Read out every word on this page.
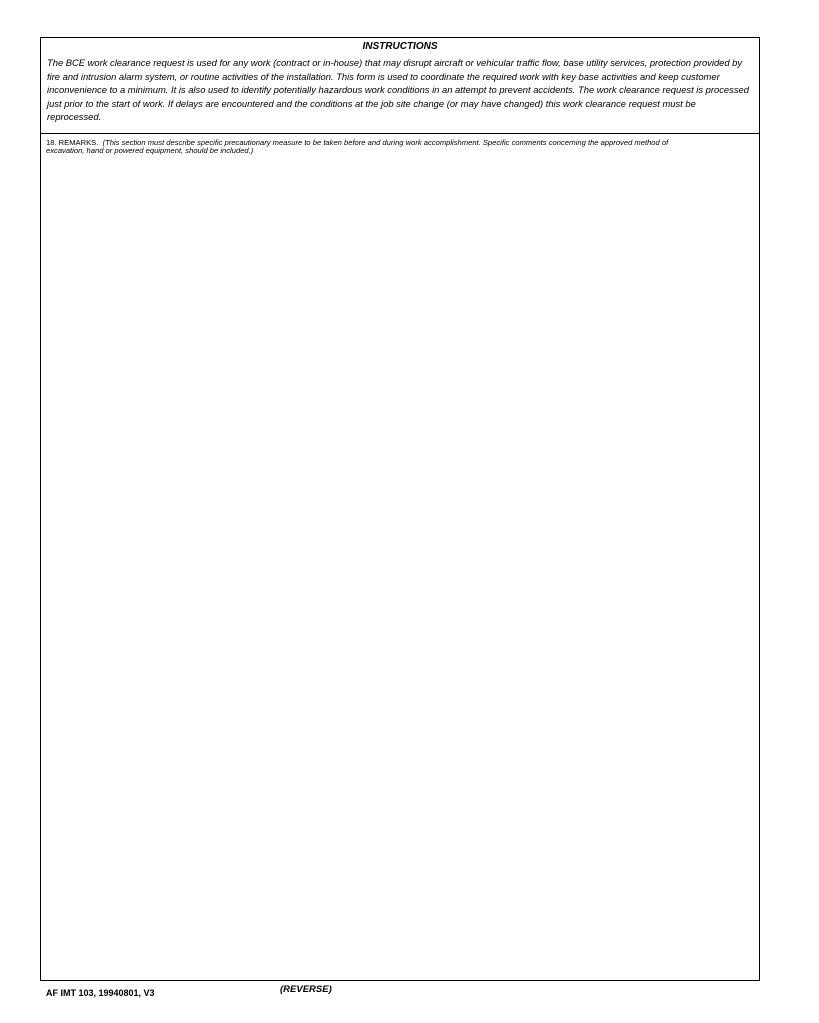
INSTRUCTIONS
The BCE work clearance request is used for any work (contract or in-house) that may disrupt aircraft or vehicular traffic flow, base utility services, protection provided by fire and intrusion alarm system, or routine activities of the installation. This form is used to coordinate the required work with key base activities and keep customer inconvenience to a minimum. It is also used to identify potentially hazardous work conditions in an attempt to prevent accidents. The work clearance request is processed just prior to the start of work. If delays are encountered and the conditions at the job site change (or may have changed) this work clearance request must be reprocessed.
18. REMARKS. (This section must describe specific precautionary measure to be taken before and during work accomplishment. Specific comments concerning the approved method of excavation, hand or powered equipment, should be included.)
AF IMT 103, 19940801, V3	(REVERSE)
